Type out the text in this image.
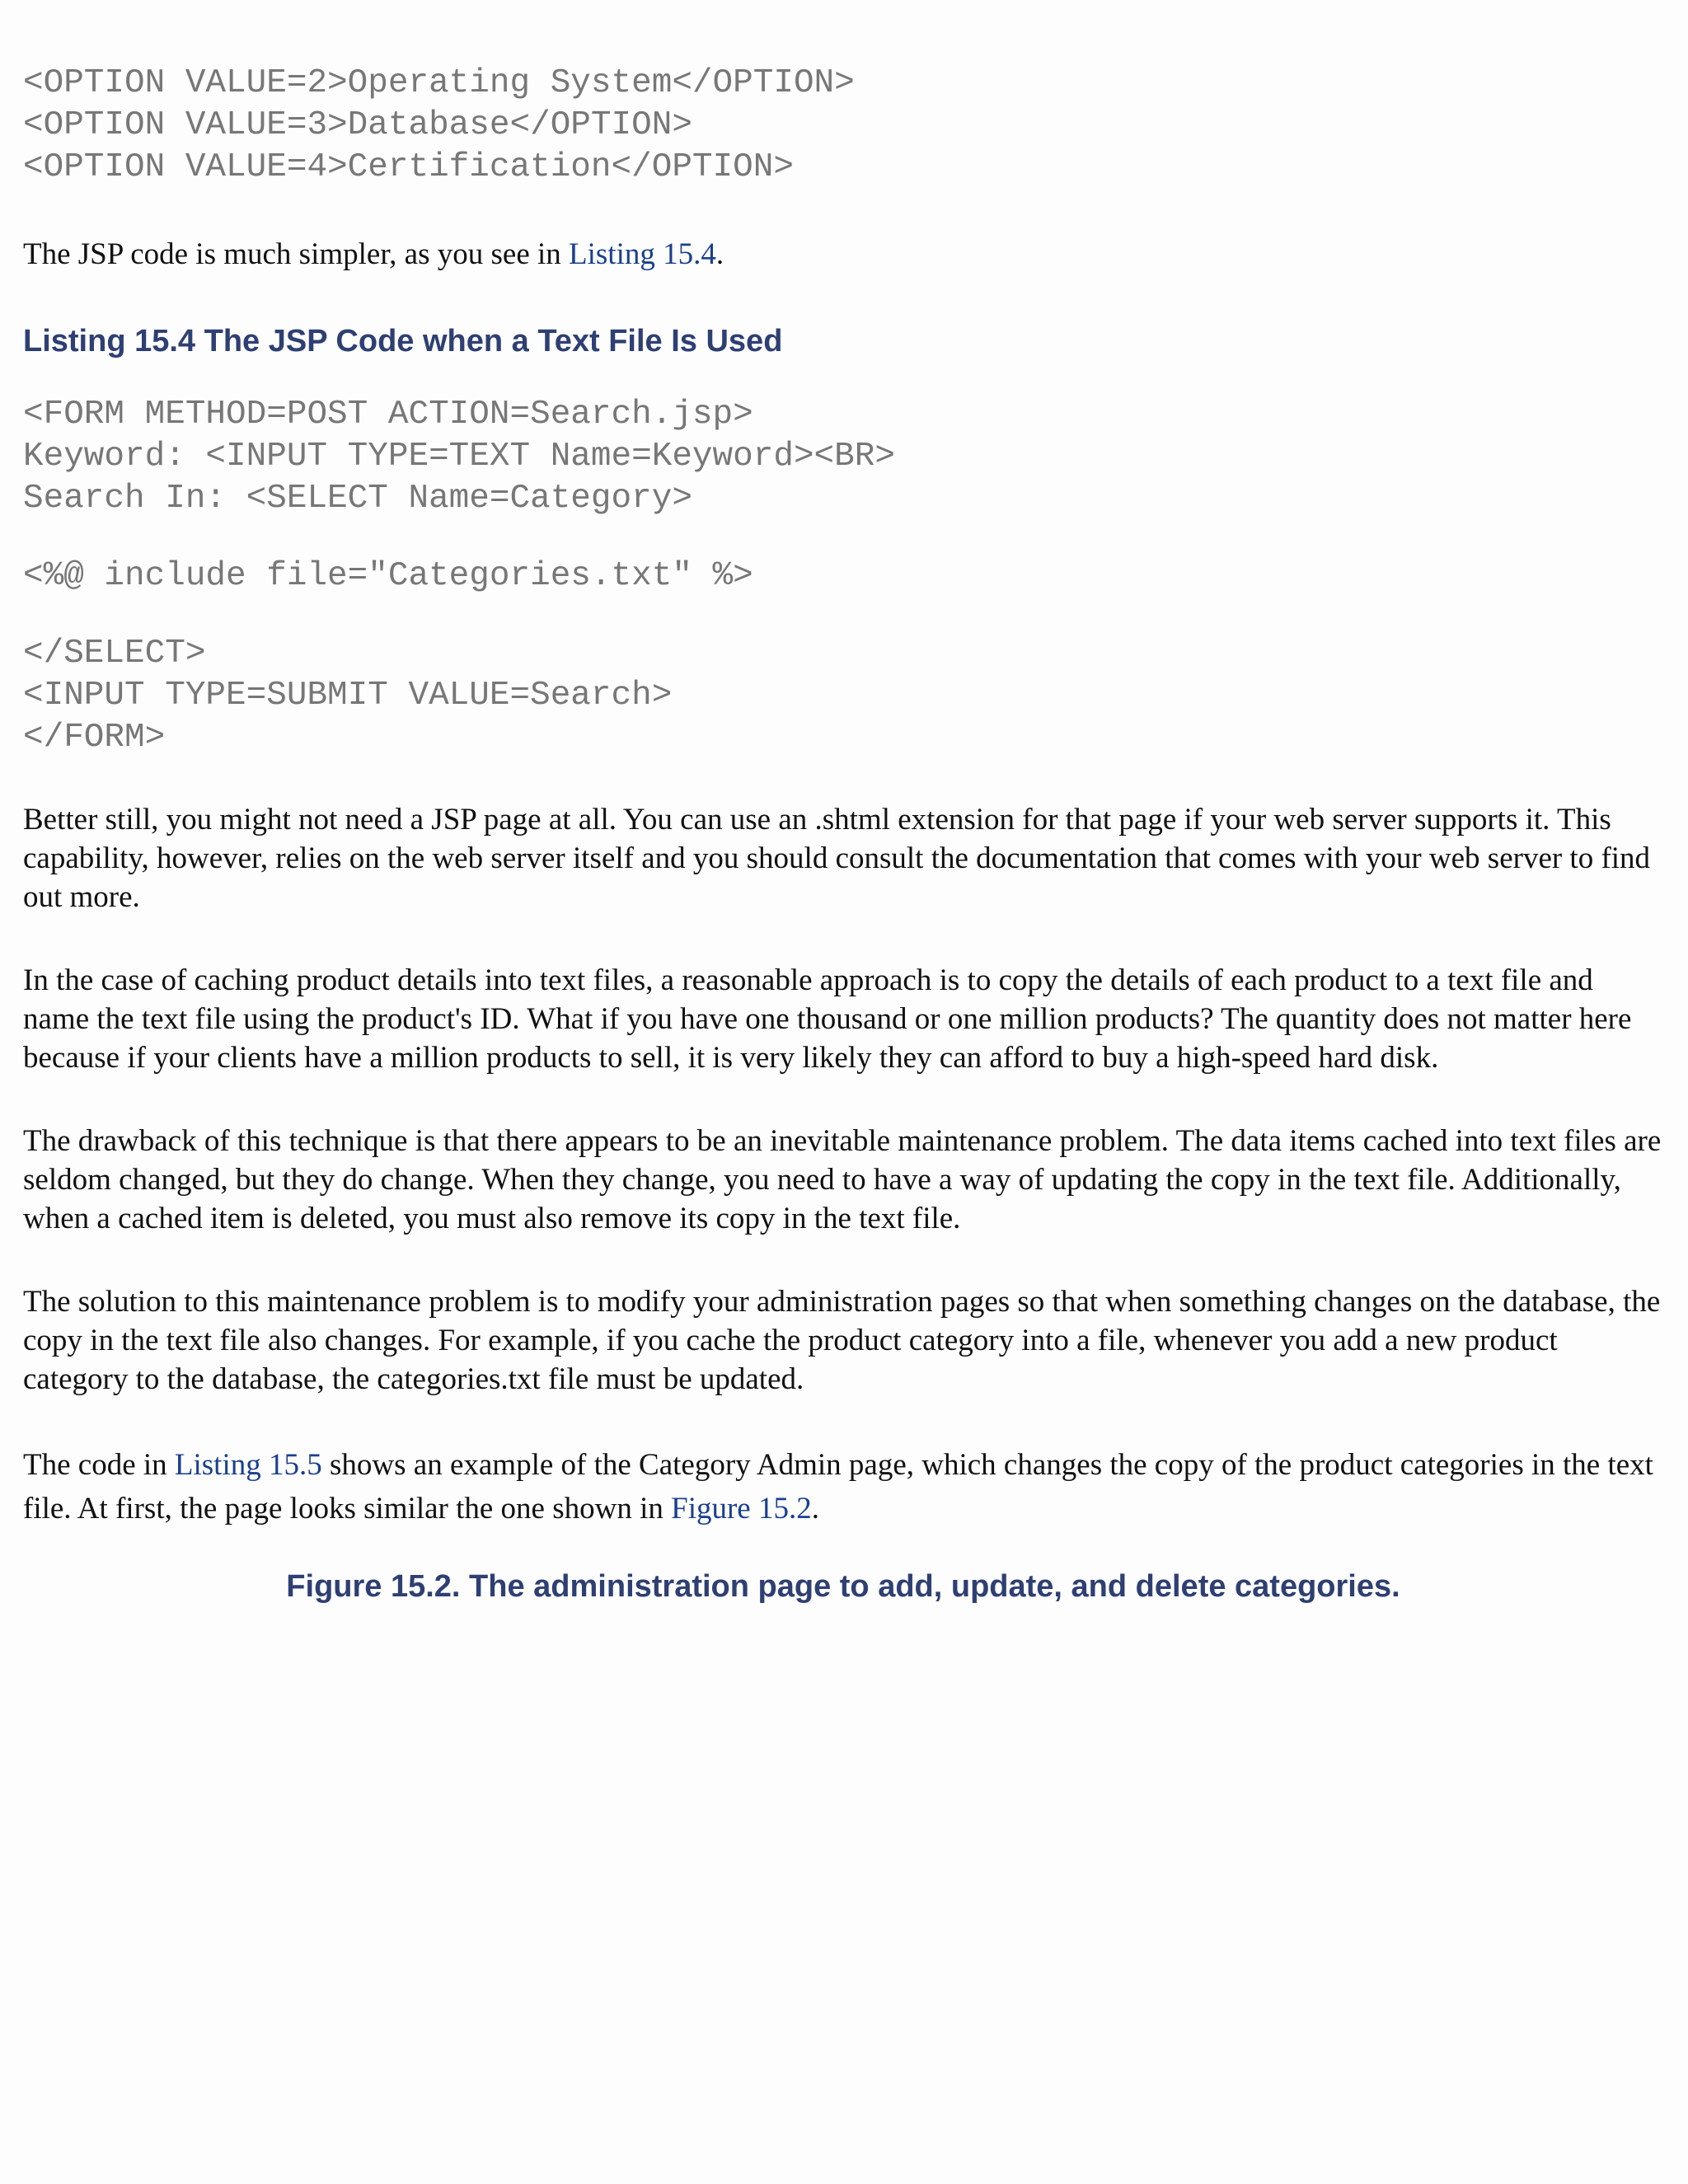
<OPTION VALUE=2>Operating System</OPTION>
<OPTION VALUE=3>Database</OPTION>
<OPTION VALUE=4>Certification</OPTION>

The JSP code is much simpler, as you see in Listing 15.4.

Listing 15.4 The JSP Code when a Text File Is Used
<FORM METHOD=POST ACTION=Search.jsp>
Keyword: <INPUT TYPE=TEXT Name=Keyword><BR>
Search In: <SELECT Name=Category>
<%@ include file="Categories.txt" %>
</SELECT>
<INPUT TYPE=SUBMIT VALUE=Search>
</FORM>

Better still, you might not need a JSP page at all. You can use an .shtml extension for that page if your web server supports it. This capability, however, relies on the web server itself and you should consult the documentation that comes with your web server to find out more.

In the case of caching product details into text files, a reasonable approach is to copy the details of each product to a text file and name the text file using the product's ID. What if you have one thousand or one million products? The quantity does not matter here because if your clients have a million products to sell, it is very likely they can afford to buy a high-speed hard disk.

The drawback of this technique is that there appears to be an inevitable maintenance problem. The data items cached into text files are seldom changed, but they do change. When they change, you need to have a way of updating the copy in the text file. Additionally, when a cached item is deleted, you must also remove its copy in the text file.

The solution to this maintenance problem is to modify your administration pages so that when something changes on the database, the copy in the text file also changes. For example, if you cache the product category into a file, whenever you add a new product category to the database, the categories.txt file must be updated.

The code in Listing 15.5 shows an example of the Category Admin page, which changes the copy of the product categories in the text file. At first, the page looks similar the one shown in Figure 15.2.

Figure 15.2. The administration page to add, update, and delete categories.
